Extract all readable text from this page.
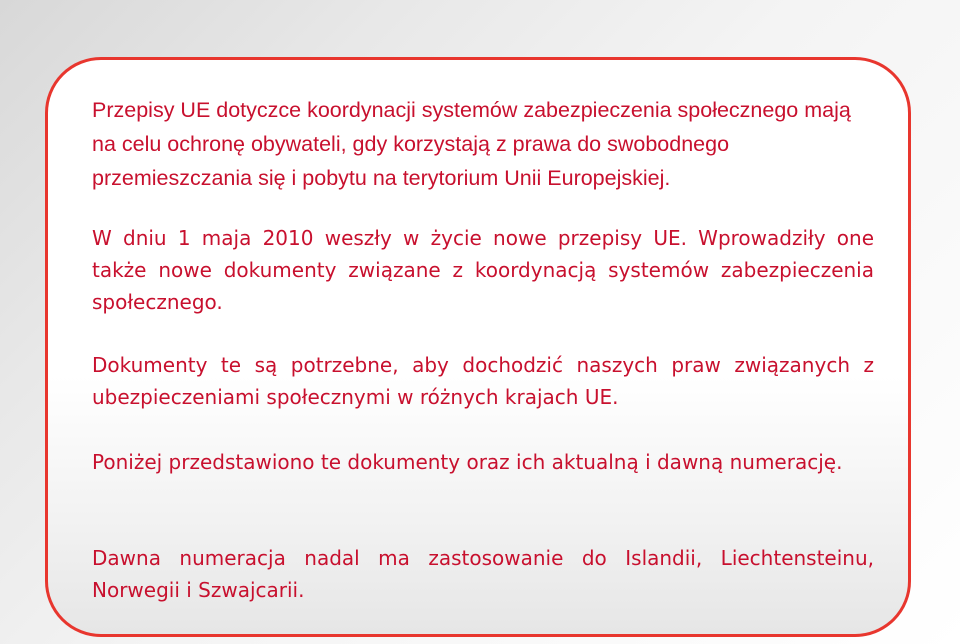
Przepisy UE dotyczce koordynacji systemów zabezpieczenia społecznego mają na celu ochronę obywateli, gdy korzystają z prawa do swobodnego przemieszczania się i pobytu na terytorium Unii Europejskiej.

W dniu 1 maja 2010 weszły w życie nowe przepisy UE. Wprowadziły one także nowe dokumenty związane z koordynacją systemów zabezpieczenia społecznego.

Dokumenty te są potrzebne, aby dochodzić naszych praw związanych z ubezpieczeniami społecznymi w różnych krajach UE.

Poniżej przedstawiono te dokumenty oraz ich aktualną i dawną numerację.

Dawna numeracja nadal ma zastosowanie do Islandii, Liechtensteinu, Norwegii i Szwajcarii.
